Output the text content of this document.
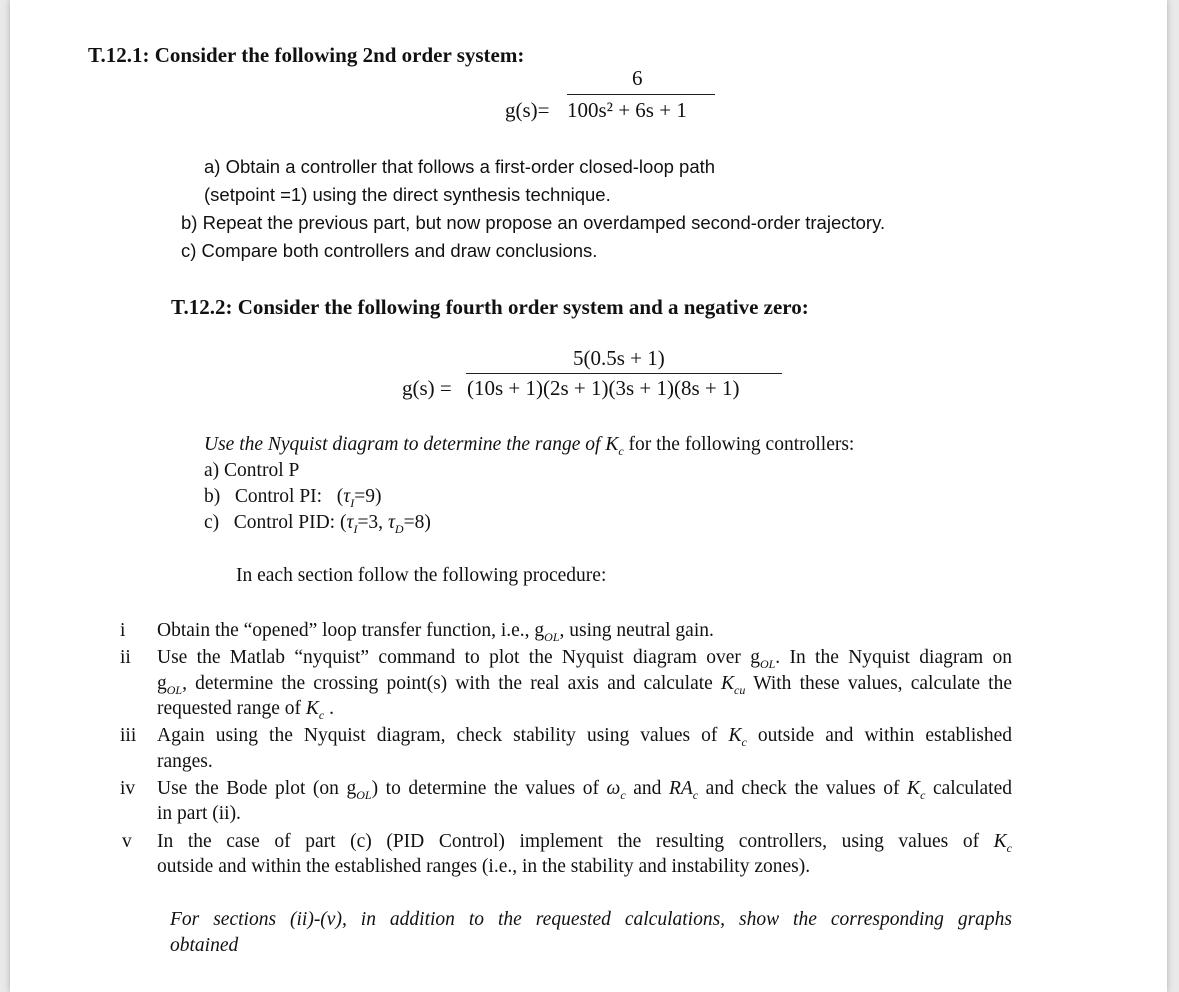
T.12.1: Consider the following 2nd order system:
6
g(s)= 100s² + 6s + 1
a) Obtain a controller that follows a first-order closed-loop path
(setpoint =1) using the direct synthesis technique.
b) Repeat the previous part, but now propose an overdamped second-order trajectory.
c) Compare both controllers and draw conclusions.
T.12.2: Consider the following fourth order system and a negative zero:
5(0.5s + 1)
g(s) = (10s + 1)(2s + 1)(3s + 1)(8s + 1)
Use the Nyquist diagram to determine the range of $K_c$ for the following controllers:
a) Control P
b)   Control PI:   $(\tau_I=9)$
c)   Control PID: ($\tau_I=3$, $\tau_D=8$)
In each section follow the following procedure:
i Obtain the “opened” loop transfer function, i.e., $g_{OL}$, using neutral gain.
ii Use the Matlab “nyquist” command to plot the Nyquist diagram over $g_{OL}$. In the Nyquist diagram on
$g_{OL}$, determine the crossing point(s) with the real axis and calculate $K_{cu}$ With these values, calculate the
requested range of $K_c$ .
iii Again using the Nyquist diagram, check stability using values of $K_c$ outside and within established
ranges.
iv Use the Bode plot (on $g_{OL}$) to determine the values of $\omega_c$ and $RA_c$ and check the values of $K_c$ calculated
in part (ii).
v In the case of part (c) (PID Control) implement the resulting controllers, using values of $K_c$
outside and within the established ranges (i.e., in the stability and instability zones).
For sections (ii)-(v), in addition to the requested calculations, show the corresponding graphs
obtained
